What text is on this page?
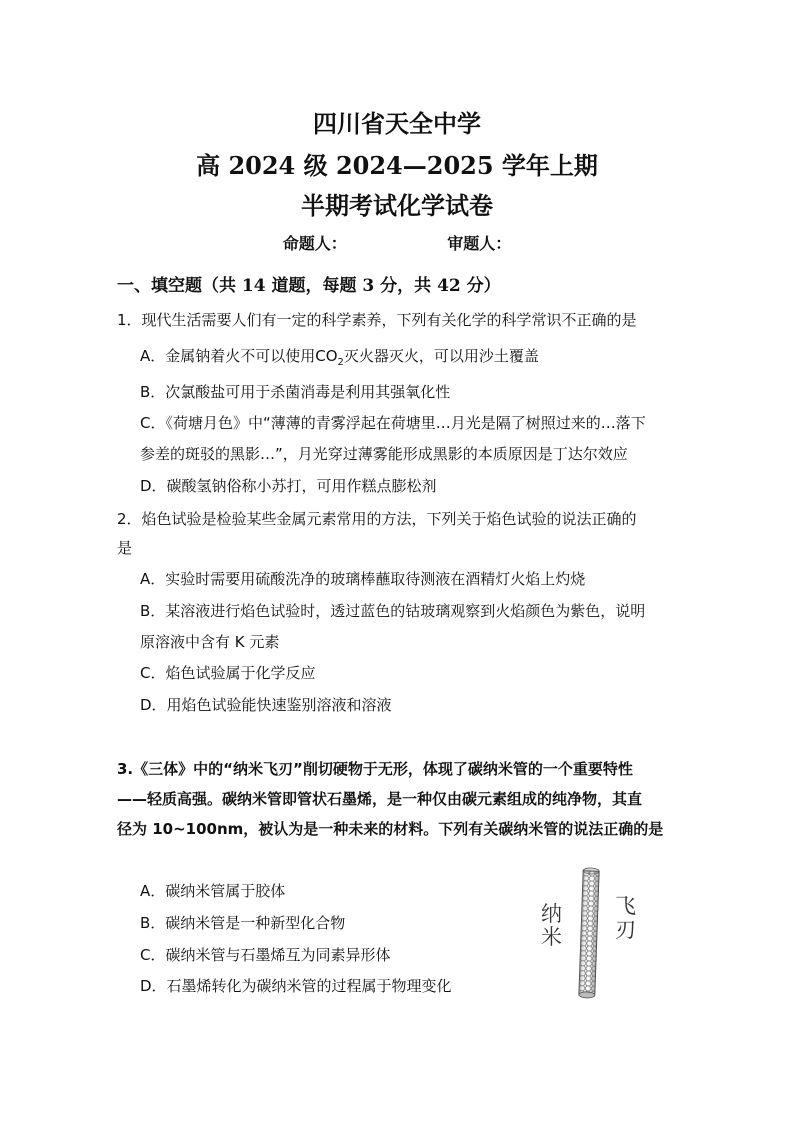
四川省天全中学
高 2024 级 2024—2025 学年上期
半期考试化学试卷
命题人：	审题人：
一、填空题（共 14 道题，每题 3 分，共 42 分）
1．现代生活需要人们有一定的科学素养，下列有关化学的科学常识不正确的是
A．金属钠着火不可以使用$CO_2$灭火器灭火，可以用沙土覆盖
B．次氯酸盐可用于杀菌消毒是利用其强氧化性
C．《荷塘月色》中“薄薄的青雾浮起在荷塘里…月光是隔了树照过来的…落下
参差的斑驳的黑影…”，月光穿过薄雾能形成黑影的本质原因是丁达尔效应
D．碳酸氢钠俗称小苏打，可用作糕点膨松剂
2．焰色试验是检验某些金属元素常用的方法，下列关于焰色试验的说法正确的
是
A．实验时需要用硫酸洗净的玻璃棒蘸取待测液在酒精灯火焰上灼烧
B．某溶液进行焰色试验时，透过蓝色的钴玻璃观察到火焰颜色为紫色，说明
原溶液中含有 K 元素
C．焰色试验属于化学反应
D．用焰色试验能快速鉴别溶液和溶液
3.《三体》中的“纳米飞刃”削切硬物于无形，体现了碳纳米管的一个重要特性
——轻质高强。碳纳米管即管状石墨烯，是一种仅由碳元素组成的纯净物，其直
径为 10~100nm，被认为是一种未来的材料。下列有关碳纳米管的说法正确的是
A．碳纳米管属于胶体
B．碳纳米管是一种新型化合物
C．碳纳米管与石墨烯互为同素异形体
D．石墨烯转化为碳纳米管的过程属于物理变化
纳
米
飞
刃
